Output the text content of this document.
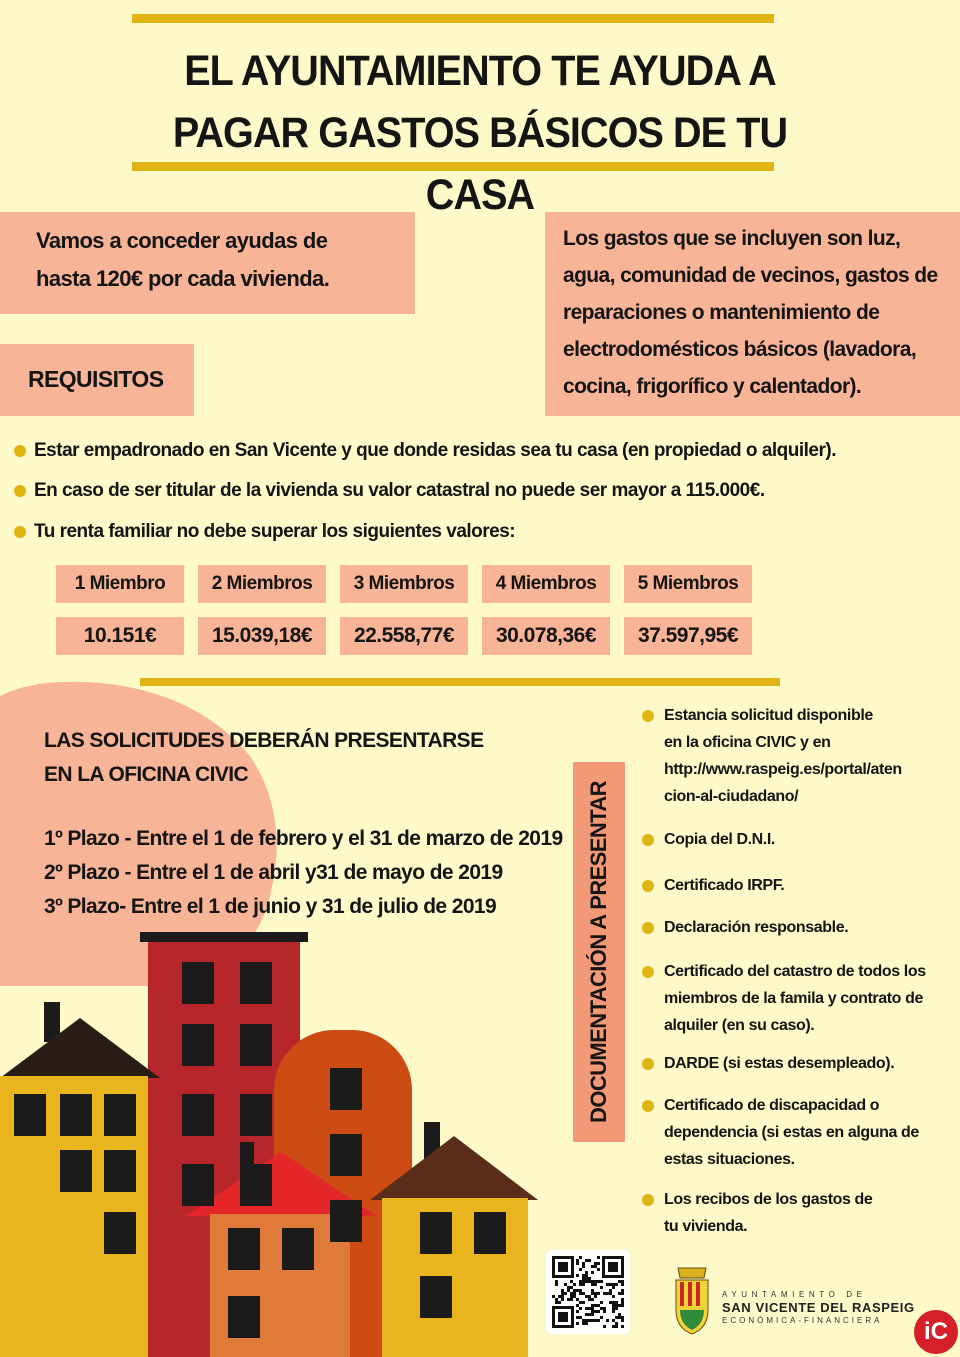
EL AYUNTAMIENTO TE AYUDA A
PAGAR GASTOS BÁSICOS DE TU CASA
Vamos a conceder ayudas de
hasta 120€ por cada vivienda.
Los gastos que se incluyen son luz,
agua, comunidad de vecinos, gastos de
reparaciones o mantenimiento de
electrodomésticos básicos (lavadora,
cocina, frigorífico y calentador).
REQUISITOS
Estar empadronado en San Vicente y que donde residas sea tu casa (en propiedad o alquiler).
En caso de ser titular de la vivienda su valor catastral no puede ser mayor a 115.000€.
Tu renta familiar no debe superar los siguientes valores:
1 Miembro	2 Miembros	3 Miembros	4 Miembros	5 Miembros
10.151€	15.039,18€	22.558,77€	30.078,36€	37.597,95€
LAS SOLICITUDES DEBERÁN PRESENTARSE
EN LA OFICINA CIVIC
1º Plazo - Entre el 1 de febrero y el 31 de marzo de 2019
2º Plazo - Entre el 1 de abril y31 de mayo de 2019
3º Plazo- Entre el 1 de junio y 31 de julio de 2019	DOCUMENTACIÓN A PRESENTAR
Estancia solicitud disponible
en la oficina CIVIC y en
http://www.raspeig.es/portal/aten
cion-al-ciudadano/
Copia del D.N.I.
Certificado IRPF.
Declaración responsable.
Certificado del catastro de todos los
miembros de la famila y contrato de
alquiler (en su caso).
DARDE (si estas desempleado).
Certificado de discapacidad o
dependencia (si estas en alguna de
estas situaciones.
Los recibos de los gastos de
tu vivienda.
AYUNTAMIENTO DE
SAN VICENTE DEL RASPEIG
ECONÓMICA-FINANCIERA	iC
